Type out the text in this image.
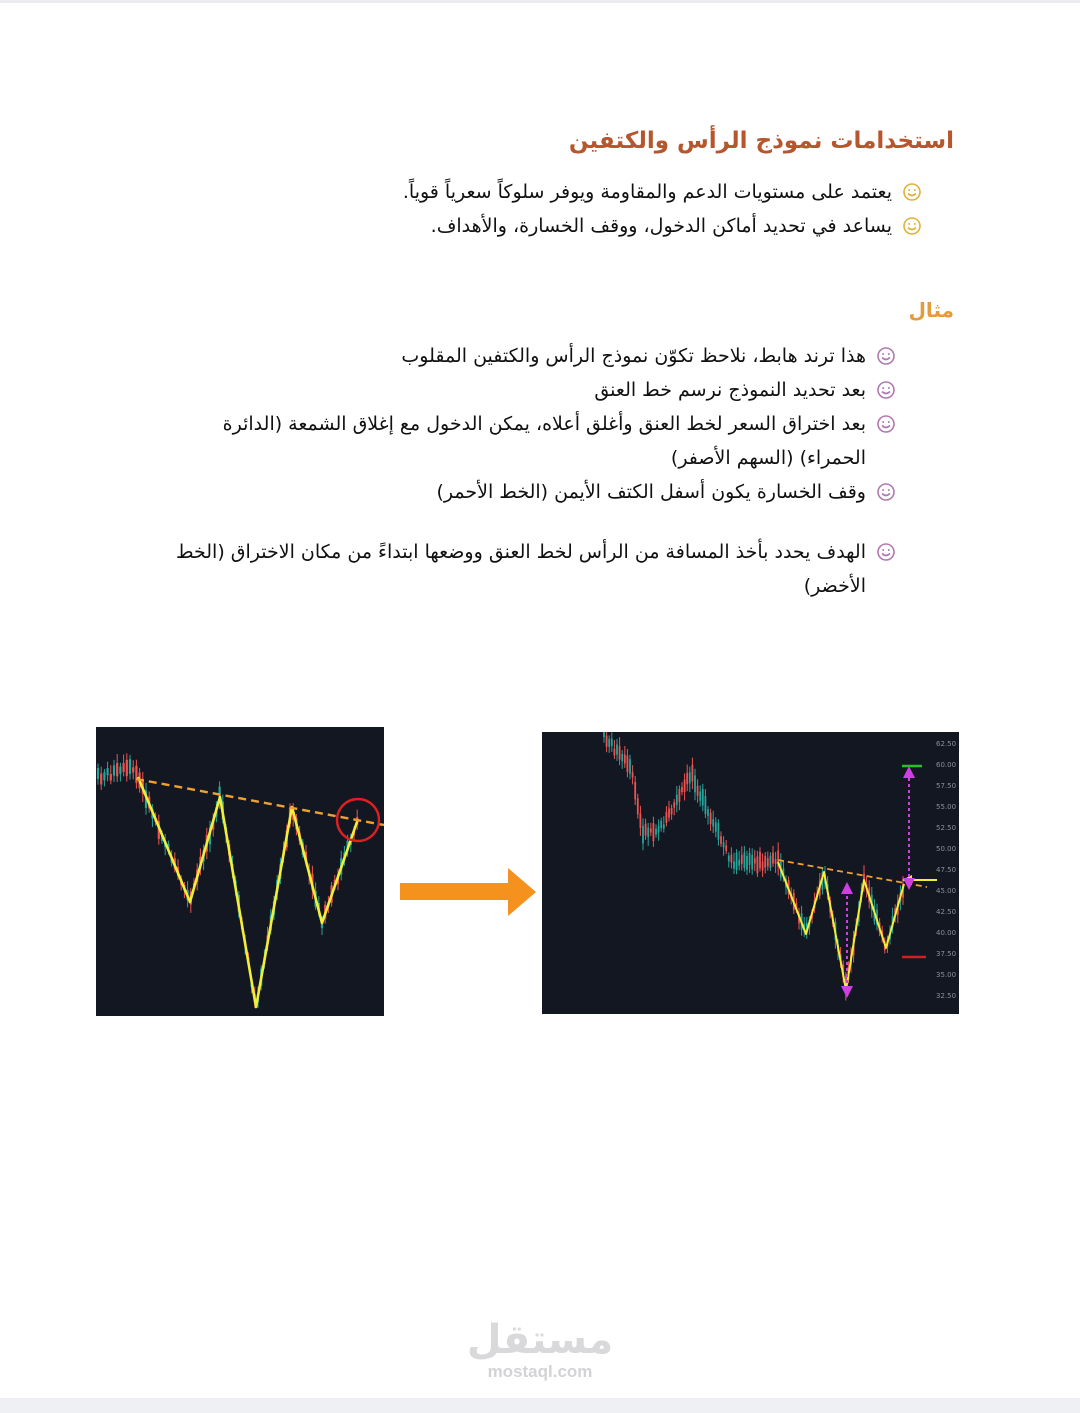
استخدامات نموذج الرأس والكتفين
يعتمد على مستويات الدعم والمقاومة ويوفر سلوكاً سعرياً قوياً.
يساعد في تحديد أماكن الدخول، ووقف الخسارة، والأهداف.
مثال
هذا ترند هابط، نلاحظ تكوّن نموذج الرأس والكتفين المقلوب
بعد تحديد النموذج نرسم خط العنق
بعد اختراق السعر لخط العنق وأغلق أعلاه، يمكن الدخول مع إغلاق الشمعة (الدائرة الحمراء) (السهم الأصفر)
وقف الخسارة يكون أسفل الكتف الأيمن (الخط الأحمر)
الهدف يحدد بأخذ المسافة من الرأس لخط العنق ووضعها ابتداءً من مكان الاختراق (الخط الأخضر)
62.50
60.00
57.50
55.00
52.50
50.00
47.50
45.00
42.50
40.00
37.50
35.00
32.50
مستقل
mostaql.com
